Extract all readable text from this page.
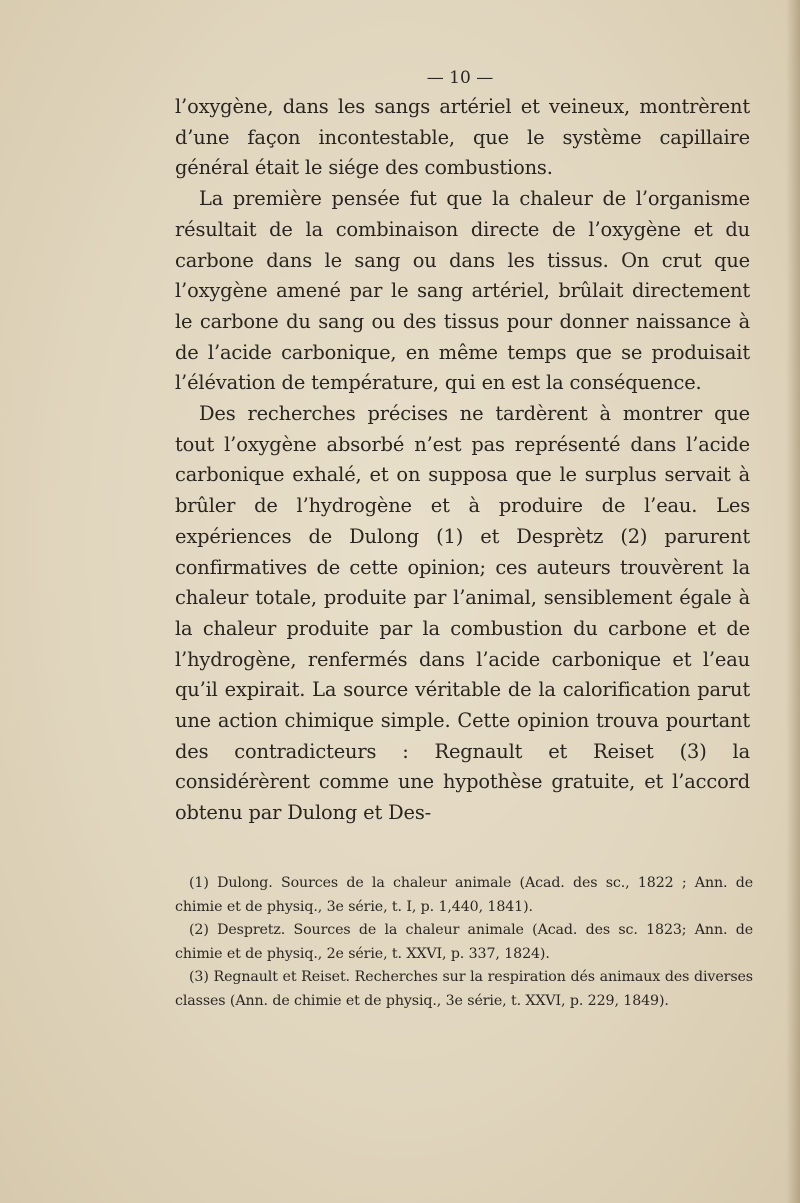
— 10 —

l’oxygène, dans les sangs artériel et veineux, montrèrent d’une façon incontestable, que le système capillaire général était le siége des combustions.

La première pensée fut que la chaleur de l’organisme résultait de la combinaison directe de l’oxygène et du carbone dans le sang ou dans les tissus. On crut que l’oxygène amené par le sang artériel, brûlait directement le carbone du sang ou des tissus pour donner naissance à de l’acide carbonique, en même temps que se produisait l’élévation de température, qui en est la conséquence.

Des recherches précises ne tardèrent à montrer que tout l’oxygène absorbé n’est pas représenté dans l’acide carbonique exhalé, et on supposa que le surplus servait à brûler de l’hydrogène et à produire de l’eau. Les expériences de Dulong (1) et Desprètz (2) parurent confirmatives de cette opinion; ces auteurs trouvèrent la chaleur totale, produite par l’animal, sensiblement égale à la chaleur produite par la combustion du carbone et de l’hydrogène, renfermés dans l’acide carbonique et l’eau qu’il expirait. La source véritable de la calorification parut une action chimique simple. Cette opinion trouva pourtant des contradicteurs : Regnault et Reiset (3) la considérèrent comme une hypothèse gratuite, et l’accord obtenu par Dulong et Des-

(1) Dulong. Sources de la chaleur animale (Acad. des sc., 1822 ; Ann. de chimie et de physiq., 3e série, t. I, p. 1,440, 1841).

(2) Despretz. Sources de la chaleur animale (Acad. des sc. 1823; Ann. de chimie et de physiq., 2e série, t. XXVI, p. 337, 1824).

(3) Regnault et Reiset. Recherches sur la respiration dés animaux des diverses classes (Ann. de chimie et de physiq., 3e série, t. XXVI, p. 229, 1849).
